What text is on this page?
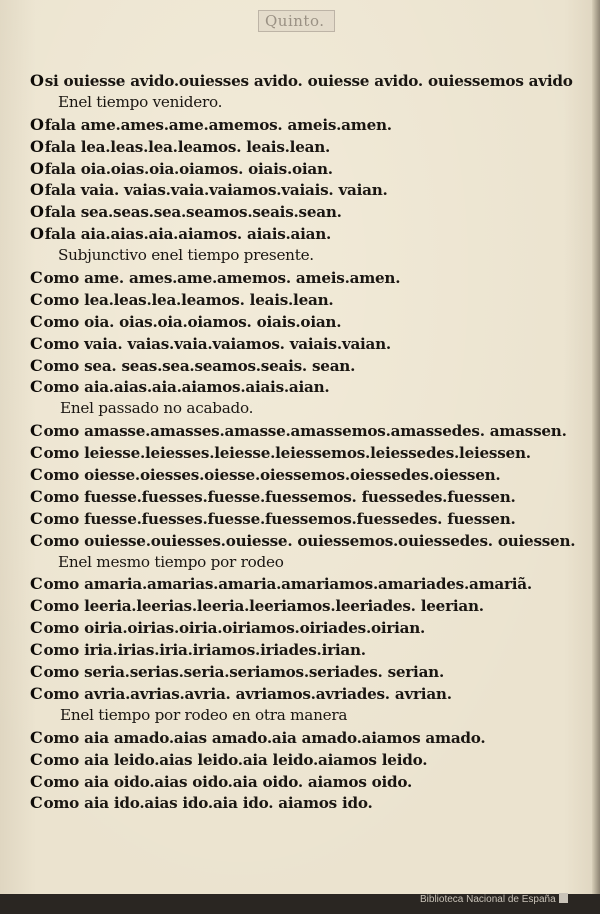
Quinto.
Osi ouiesse avido.ouiesses avido. ouiesse avido. ouiessemos avido
Enel tiempo venidero.
Ofala ame.ames.ame.amemos. ameis.amen.
Ofala lea.leas.lea.leamos. leais.lean.
Ofala oia.oias.oia.oiamos. oiais.oian.
Ofala vaia. vaias.vaia.vaiamos.vaiais. vaian.
Ofala sea.seas.sea.seamos.seais.sean.
Ofala aia.aias.aia.aiamos. aiais.aian.
Subjunctivo enel tiempo presente.
Como ame. ames.ame.amemos. ameis.amen.
Como lea.leas.lea.leamos. leais.lean.
Como oia. oias.oia.oiamos. oiais.oian.
Como vaia. vaias.vaia.vaiamos. vaiais.vaian.
Como sea. seas.sea.seamos.seais. sean.
Como aia.aias.aia.aiamos.aiais.aian.
Enel passado no acabado.
Como amasse.amasses.amasse.amassemos.amassedes. amassen.
Como leiesse.leiesses.leiesse.leiessemos.leiessedes.leiessen.
Como oiesse.oiesses.oiesse.oiessemos.oiessedes.oiessen.
Como fuesse.fuesses.fuesse.fuessemos. fuessedes.fuessen.
Como fuesse.fuesses.fuesse.fuessemos.fuessedes. fuessen.
Como ouiesse.ouiesses.ouiesse. ouiessemos.ouiessedes. ouiessen.
Enel mesmo tiempo por rodeo
Como amaria.amarias.amaria.amariamos.amariades.amariã.
Como leeria.leerias.leeria.leeriamos.leeriades. leerian.
Como oiria.oirias.oiria.oiriamos.oiriades.oirian.
Como iria.irias.iria.iriamos.iriades.irian.
Como seria.serias.seria.seriamos.seriades. serian.
Como avria.avrias.avria. avriamos.avriades. avrian.
Enel tiempo por rodeo en otra manera
Como aia amado.aias amado.aia amado.aiamos amado.
Como aia leido.aias leido.aia leido.aiamos leido.
Como aia oido.aias oido.aia oido. aiamos oido.
Como aia ido.aias ido.aia ido. aiamos ido.
Biblioteca Nacional de España
